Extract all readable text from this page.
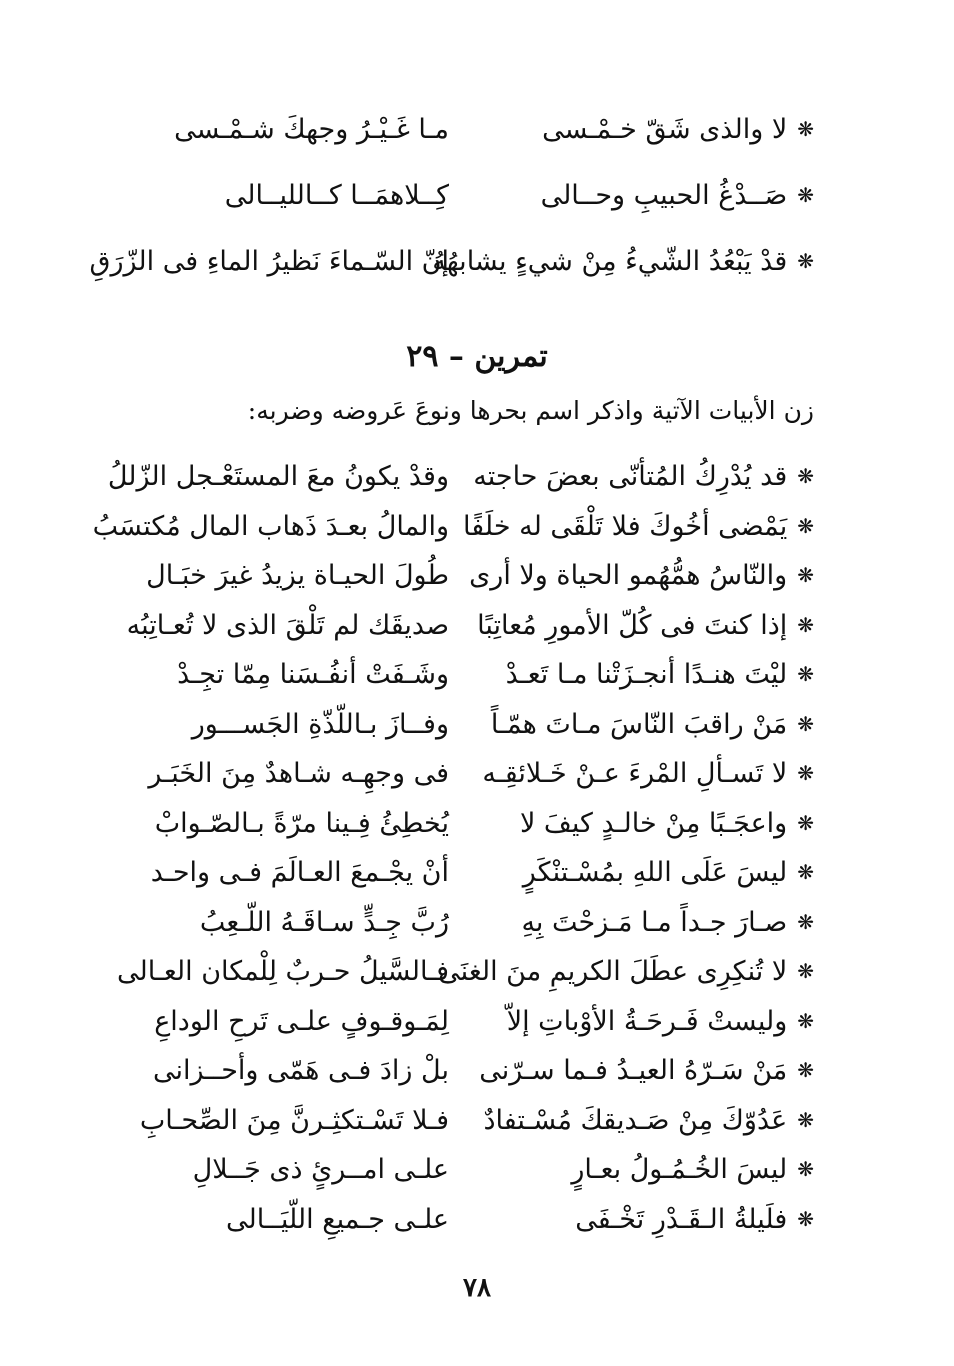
❋لا والذى شَقّ خـمْـسى
مـا غَـيْـرُ وجهكَ شـمْـسى
❋صَــدْغُ الحبيبِ وحــالى
كِــلاهمَــا كــالليــالى
❋قدْ يَبْعُدُ الشّيءُ مِنْ شيءٍ يشابهُهُ
إنّ السّـماءَ نَظيرُ الماءِ فى الزّرَقِ
تمرين – ٢٩
زن الأبيات الآتية واذكر اسم بحرها ونوعَ عَروضه وضربه:
❋قد يُدْرِكُ المُتأنّى بعضَ حاجته
وقدْ يكونُ معَ المستَعْـجل الزّللُ
❋يَمْضى أخُوكَ فلا تَلْقَى له خلَفًا
والمالُ بعـدَ ذَهاب المال مُكتسَبُ
❋والنّاسُ همُّهُمو الحياة ولا أرى
طُولَ الحيـاة يزيدُ غيرَ خبَـال
❋إذا كنتَ فى كُلّ الأمورِ مُعاتِبًا
صديقَك لم تَلْقَ الذى لا تُعـاتِبُه
❋ليْتَ هنـدًا أنجـزَتْنا مـا تَعـدْ
وشَـفَتْ أنفُـسَنا مِمّا تجِـدْ
❋مَنْ راقبَ النّاسَ مـاتَ همّـاً
وفــازَ بـاللّذّةِ الجَســـور
❋لا تَسـألِ المْرءَ عـنْ خَـلائقِـه
فى وجهِـه شـاهدٌ مِنَ الخَبَـر
❋واعجَـبًا مِنْ خالـدٍ كيفَ لا
يُخطِئُ فِـينا مرّةً بـالصّـوابْ
❋ليسَ عَلَى اللهِ بمُسْـتنْكَرٍ
أنْ يجْـمعَ العـالَمَ فـى واحـد
❋صـارَ جـداً مـا مَـزحْتَ بِهِ
رُبَّ جِـدٍّ سـاقَـهُ اللّـعِبُ
❋لا تُنكِرِى عطَلَ الكريمِ منَ الغنَى
فـالسَّيلُ حـربٌ لِلْمكان العـالى
❋وليستْ فَـرحَـةُ الأوْباتِ إلاّ
لِمَـوقـوفٍ علـى تَرحِ الوداعِ
❋مَنْ سَـرّهُ العيـدُ فـما سـرّنى
بلْ زادَ فـى هَمّى وأحــزانى
❋عَدُوّكَ مِنْ صَـديقكَ مُسْـتفادٌ
فـلا تَسْـتكثِـرنَّ مِنَ الصِّحـابِ
❋ليسَ الخُـمُـولُ بعـارٍ
علـى امــرئٍ ذى جَــلالِ
❋فلَيلةُ الـقَـدْرِ تَخْـفَى
علـى جـميعِ اللّيَــالى
٧٨
